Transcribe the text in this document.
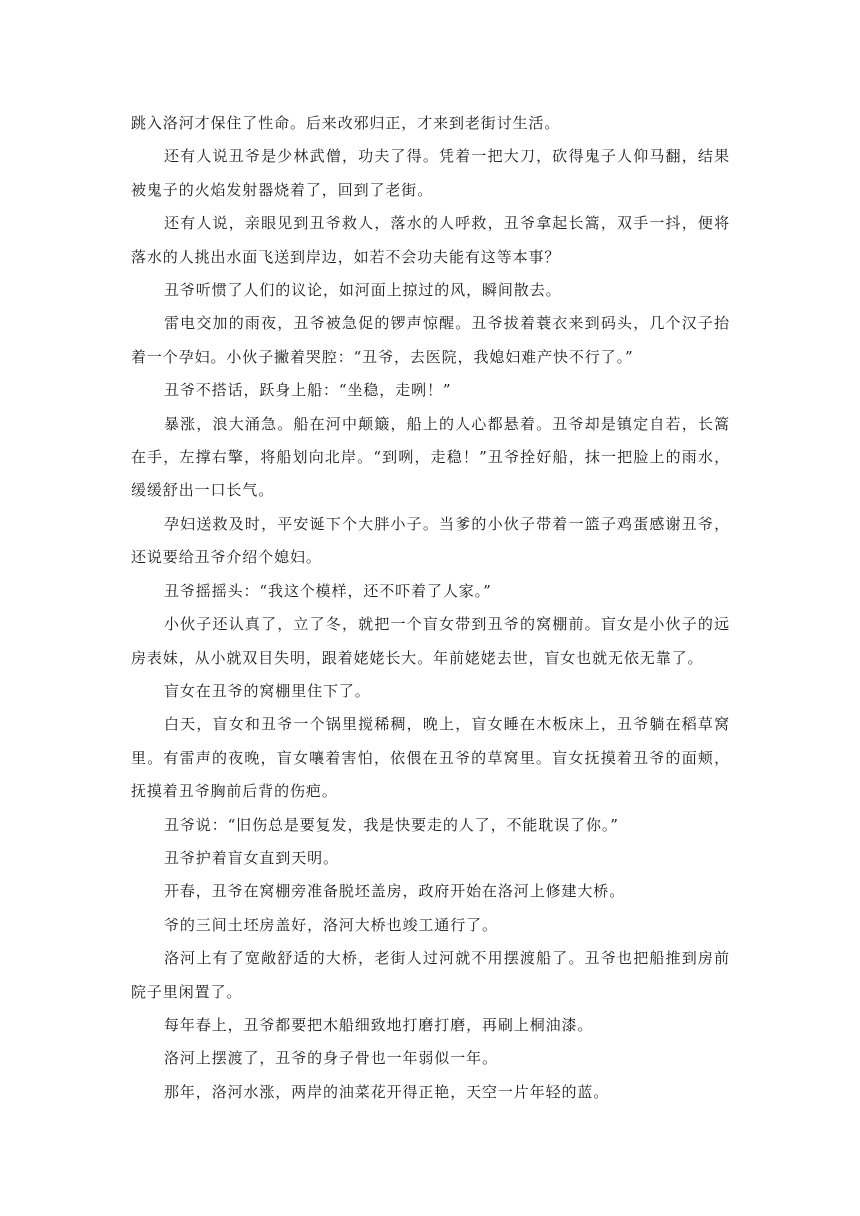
跳入洛河才保住了性命。后来改邪归正，才来到老街讨生活。

还有人说丑爷是少林武僧，功夫了得。凭着一把大刀，砍得鬼子人仰马翻，结果被鬼子的火焰发射器烧着了，回到了老街。

还有人说，亲眼见到丑爷救人，落水的人呼救，丑爷拿起长篙，双手一抖，便将落水的人挑出水面飞送到岸边，如若不会功夫能有这等本事？

丑爷听惯了人们的议论，如河面上掠过的风，瞬间散去。

雷电交加的雨夜，丑爷被急促的锣声惊醒。丑爷拔着蓑衣来到码头，几个汉子抬着一个孕妇。小伙子撇着哭腔：“丑爷，去医院，我媳妇难产快不行了。”

丑爷不搭话，跃身上船：“坐稳，走咧！”

暴涨，浪大涌急。船在河中颠簸，船上的人心都悬着。丑爷却是镇定自若，长篙在手，左撑右擎，将船划向北岸。“到咧，走稳！”丑爷拴好船，抹一把脸上的雨水，缓缓舒出一口长气。

孕妇送救及时，平安诞下个大胖小子。当爹的小伙子带着一篮子鸡蛋感谢丑爷，还说要给丑爷介绍个媳妇。

丑爷摇摇头：“我这个模样，还不吓着了人家。”

小伙子还认真了，立了冬，就把一个盲女带到丑爷的窝棚前。盲女是小伙子的远房表妹，从小就双目失明，跟着姥姥长大。年前姥姥去世，盲女也就无依无靠了。

盲女在丑爷的窝棚里住下了。

白天，盲女和丑爷一个锅里搅稀稠，晚上，盲女睡在木板床上，丑爷躺在稻草窝里。有雷声的夜晚，盲女嚷着害怕，依偎在丑爷的草窝里。盲女抚摸着丑爷的面颊，抚摸着丑爷胸前后背的伤疤。

丑爷说：“旧伤总是要复发，我是快要走的人了，不能耽误了你。”

丑爷护着盲女直到天明。

开春，丑爷在窝棚旁准备脱坯盖房，政府开始在洛河上修建大桥。

爷的三间土坯房盖好，洛河大桥也竣工通行了。

洛河上有了宽敞舒适的大桥，老街人过河就不用摆渡船了。丑爷也把船推到房前院子里闲置了。

每年春上，丑爷都要把木船细致地打磨打磨，再刷上桐油漆。

洛河上摆渡了，丑爷的身子骨也一年弱似一年。

那年，洛河水涨，两岸的油菜花开得正艳，天空一片年轻的蓝。
